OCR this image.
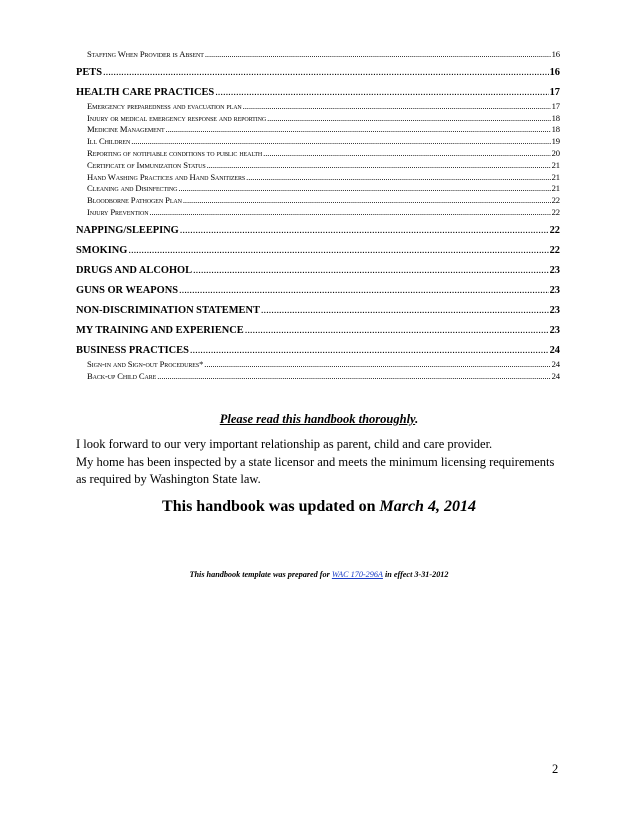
Staffing When Provider is Absent .....	16
PETS .....	16
HEALTH CARE PRACTICES .....	17
Emergency preparedness and evacuation plan .....	17
Injury or medical emergency response and reporting .....	18
Medicine Management .....	18
Ill Children .....	19
Reporting of notifiable conditions to public health .....	20
Certificate of Immunization Status .....	21
Hand Washing Practices and Hand Sanitizers .....	21
Cleaning and Disinfecting .....	21
Bloodborne Pathogen Plan .....	22
Injury Prevention .....	22
NAPPING/SLEEPING .....	22
SMOKING .....	22
DRUGS AND ALCOHOL .....	23
GUNS OR WEAPONS .....	23
NON-DISCRIMINATION STATEMENT .....	23
MY TRAINING AND EXPERIENCE .....	23
BUSINESS PRACTICES .....	24
Sign-in and Sign-out Procedures* .....	24
Back-up Child Care .....	24
Please read this handbook thoroughly.
I look forward to our very important relationship as parent, child and care provider.
My home has been inspected by a state licensor and meets the minimum licensing requirements
as required by Washington State law.
This handbook was updated on March 4, 2014
This handbook template was prepared for WAC 170-296A in effect 3-31-2012
2
